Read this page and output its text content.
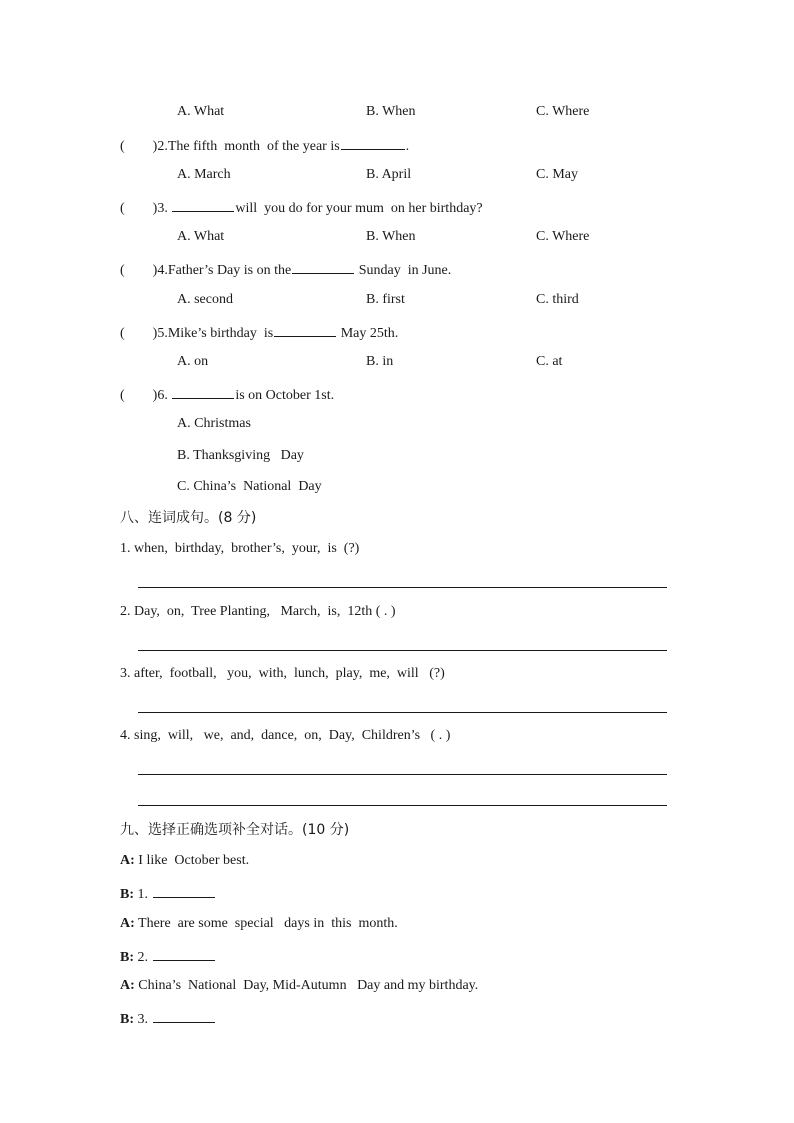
A. What	B. When	C. Where
(        )2.The fifth  month  of the year is	.
A. March	B. April	C. May
(        )3.	will  you do for your mum  on her birthday?
A. What	B. When	C. Where
(        )4.Father’s Day is on the	Sunday  in June.
A. second	B. first	C. third
(        )5.Mike’s birthday  is	May 25th.
A. on	B. in	C. at
(        )6.	is on October 1st.
A. Christmas
B. Thanksgiving   Day
C. China’s  National  Day
八、连词成句。(8 分)
1. when,  birthday,  brother’s,  your,  is  (?)
2. Day,  on,  Tree Planting,   March,  is,  12th ( . )
3. after,  football,   you,  with,  lunch,  play,  me,  will   (?)
4. sing,  will,   we,  and,  dance,  on,  Day,  Children’s   ( . )
九、选择正确选项补全对话。(10 分)
A: I like  October best.
B: 1.
A: There  are some  special   days in  this  month.
B: 2.
A: China’s  National  Day, Mid-Autumn   Day and my birthday.
B: 3.
